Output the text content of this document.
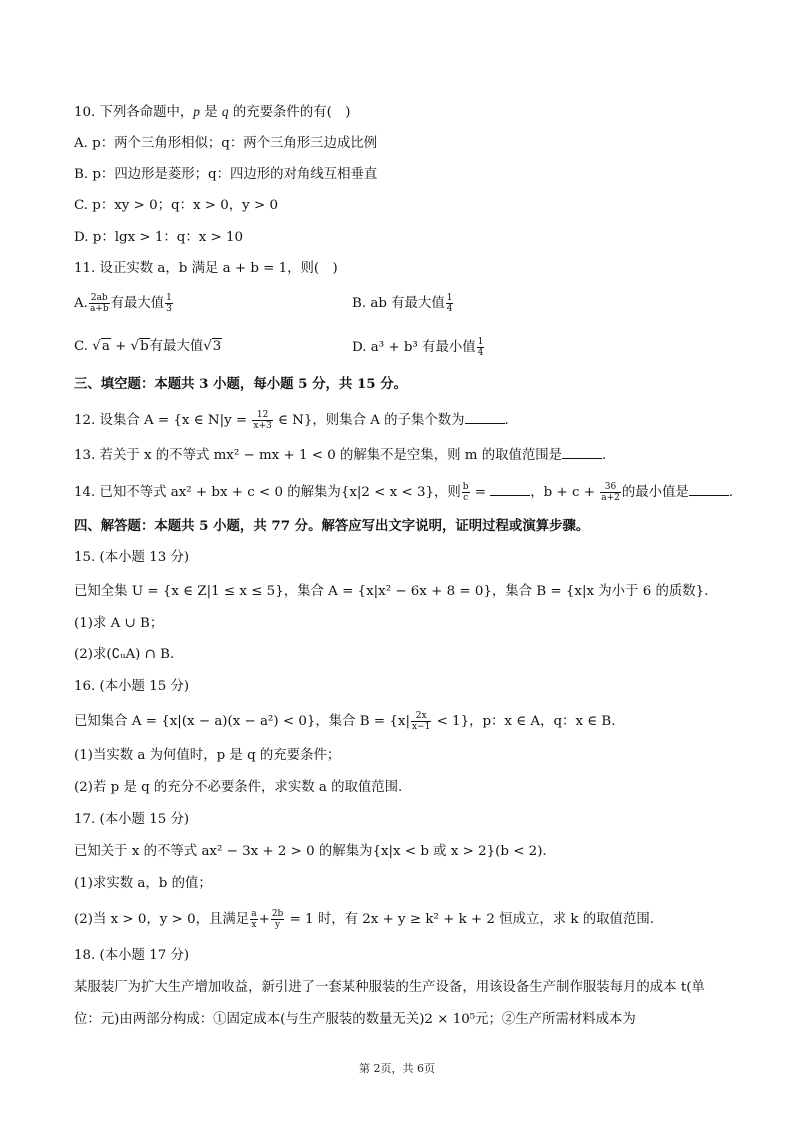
10. 下列各命题中，p 是 q 的充要条件的有(　)
A. p：两个三角形相似；q：两个三角形三边成比例
B. p：四边形是菱形；q：四边形的对角线互相垂直
C. p：xy > 0；q：x > 0，y > 0
D. p：lgx > 1：q：x > 10
11. 设正实数 a，b 满足 a + b = 1，则(　)
A. $\frac{2ab}{a+b}$ 有最大值 $\frac{1}{3}$	B. ab 有最大值 $\frac{1}{4}$
C. √a + √b有最大值√3	D. a³ + b³ 有最小值 $\frac{1}{4}$
三、填空题：本题共 3 小题，每小题 5 分，共 15 分。
12. 设集合 A = {x ∈ $N|y = \frac{12}{x+3}$ ∈ N}，则集合 A 的子集个数为	.
13. 若关于 x 的不等式 mx² − mx + 1 < 0 的解集不是空集，则 m 的取值范围是	.
14. 已知不等式 ax² + bx + c < 0 的解集为{x|2 < x < 3}，则 $\frac{b}{c}$ =	，$b + c + \frac{36}{a+2}$ 的最小值是	.
四、解答题：本题共 5 小题，共 77 分。解答应写出文字说明，证明过程或演算步骤。
15. (本小题 13 分)
已知全集 U = {x ∈ Z|1 ≤ x ≤ 5}，集合 A = {x|x² − 6x + 8 = 0}，集合 B = {x|x 为小于 6 的质数}.
(1)求 A ∪ B；
(2)求(∁ᵤA) ∩ B.
16. (本小题 15 分)
已知集合 A = {x|(x − a)(x − a²) < 0}，集合 $B = \{x| \frac{2x}{x-1} < 1\}$，p：x ∈ A，q：x ∈ B.
(1)当实数 a 为何值时，p 是 q 的充要条件；
(2)若 p 是 q 的充分不必要条件，求实数 a 的取值范围.
17. (本小题 15 分)
已知关于 x 的不等式 ax² − 3x + 2 > 0 的解集为{x|x < b 或 x > 2}(b < 2).
(1)求实数 a，b 的值；
(2)当 x > 0，y > 0，且满足 $\frac{a}{x} + \frac{2b}{y} = 1$ 时，有 2x + y ≥ k² + k + 2 恒成立，求 k 的取值范围.
18. (本小题 17 分)
某服装厂为扩大生产增加收益，新引进了一套某种服装的生产设备，用该设备生产制作服装每月的成本 t(单
位：元)由两部分构成：①固定成本(与生产服装的数量无关)2 × 10⁵元；②生产所需材料成本为
第 2页，共 6页
